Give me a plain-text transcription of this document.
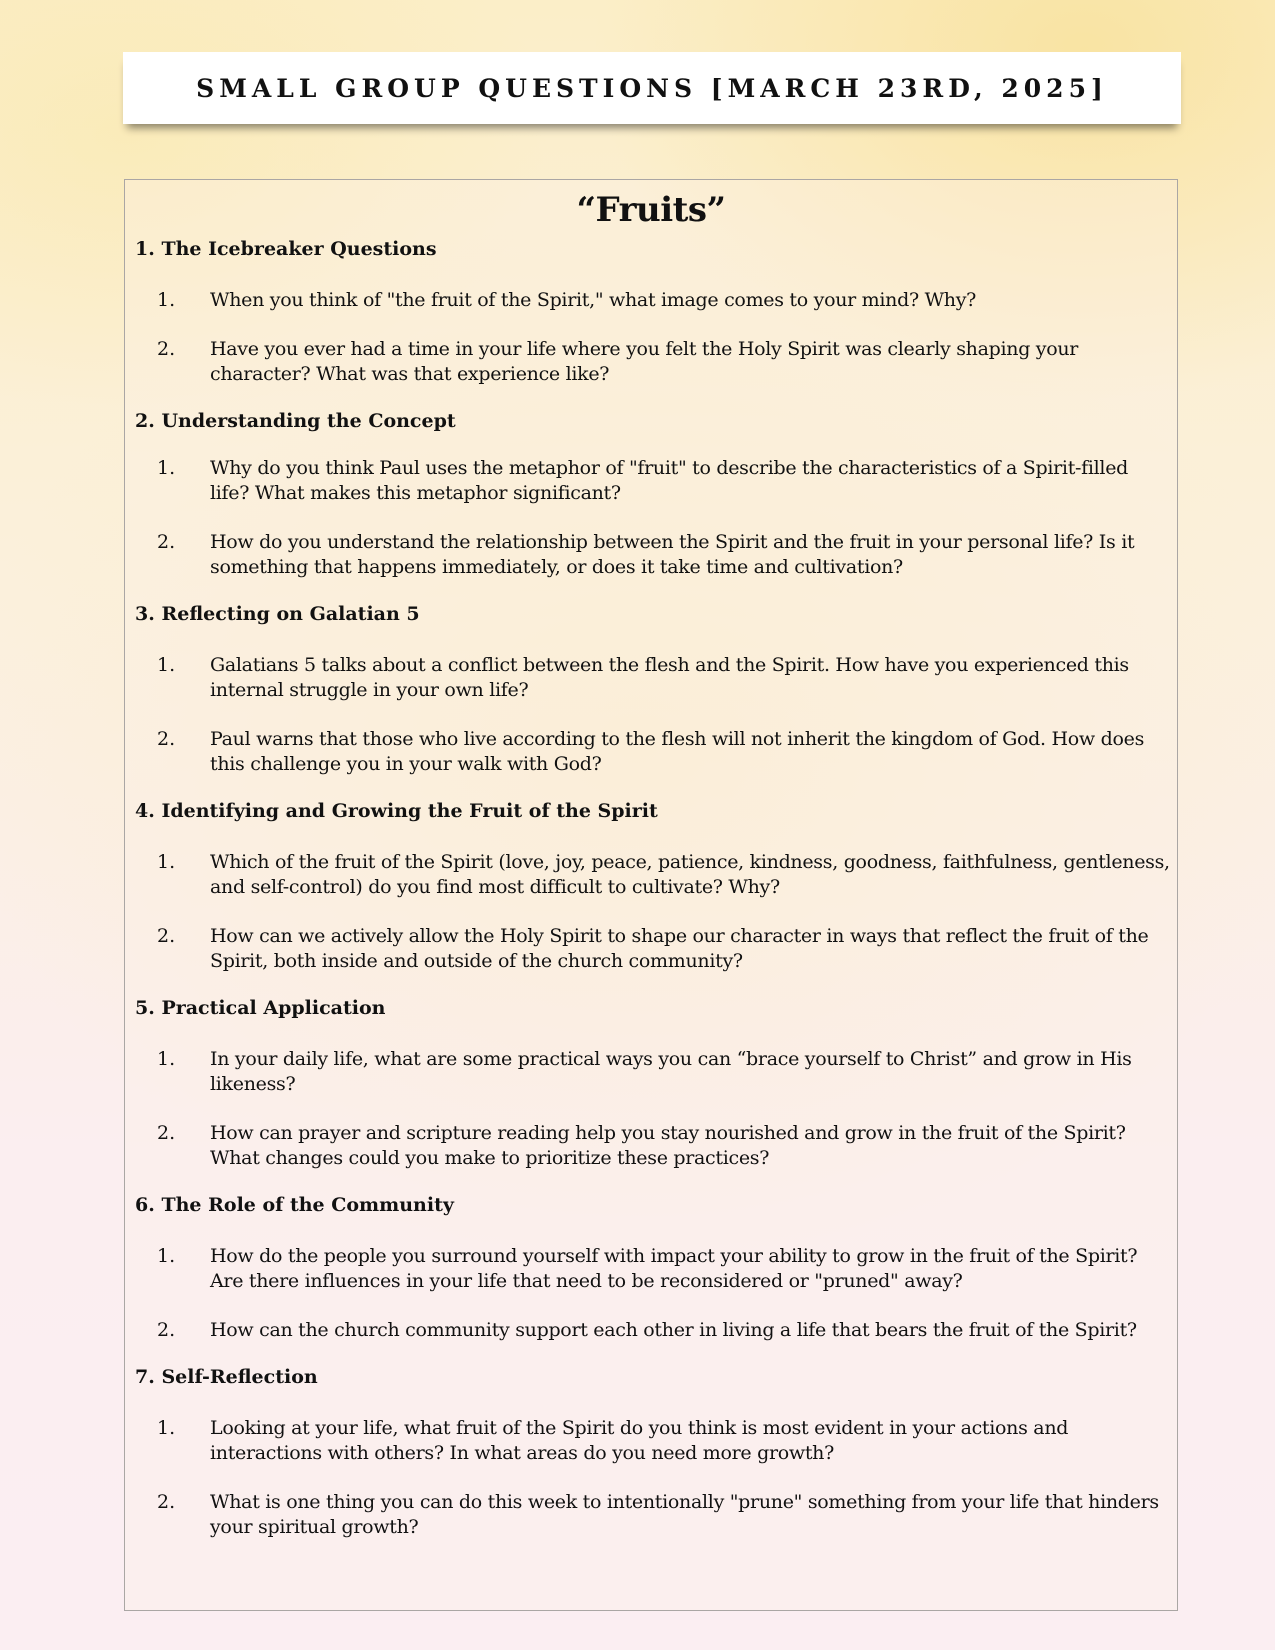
SMALL GROUP QUESTIONS [MARCH 23RD, 2025]
“Fruits”
1. The Icebreaker Questions
1. When you think of "the fruit of the Spirit," what image comes to your mind? Why?
2. Have you ever had a time in your life where you felt the Holy Spirit was clearly shaping your character? What was that experience like?
2. Understanding the Concept
1. Why do you think Paul uses the metaphor of "fruit" to describe the characteristics of a Spirit-filled life? What makes this metaphor significant?
2. How do you understand the relationship between the Spirit and the fruit in your personal life? Is it something that happens immediately, or does it take time and cultivation?
3. Reflecting on Galatian 5
1. Galatians 5 talks about a conflict between the flesh and the Spirit. How have you experienced this internal struggle in your own life?
2. Paul warns that those who live according to the flesh will not inherit the kingdom of God. How does this challenge you in your walk with God?
4. Identifying and Growing the Fruit of the Spirit
1. Which of the fruit of the Spirit (love, joy, peace, patience, kindness, goodness, faithfulness, gentleness, and self-control) do you find most difficult to cultivate? Why?
2. How can we actively allow the Holy Spirit to shape our character in ways that reflect the fruit of the Spirit, both inside and outside of the church community?
5. Practical Application
1. In your daily life, what are some practical ways you can “brace yourself to Christ” and grow in His likeness?
2. How can prayer and scripture reading help you stay nourished and grow in the fruit of the Spirit? What changes could you make to prioritize these practices?
6. The Role of the Community
1. How do the people you surround yourself with impact your ability to grow in the fruit of the Spirit? Are there influences in your life that need to be reconsidered or "pruned" away?
2. How can the church community support each other in living a life that bears the fruit of the Spirit?
7. Self-Reflection
1. Looking at your life, what fruit of the Spirit do you think is most evident in your actions and interactions with others? In what areas do you need more growth?
2. What is one thing you can do this week to intentionally "prune" something from your life that hinders your spiritual growth?
